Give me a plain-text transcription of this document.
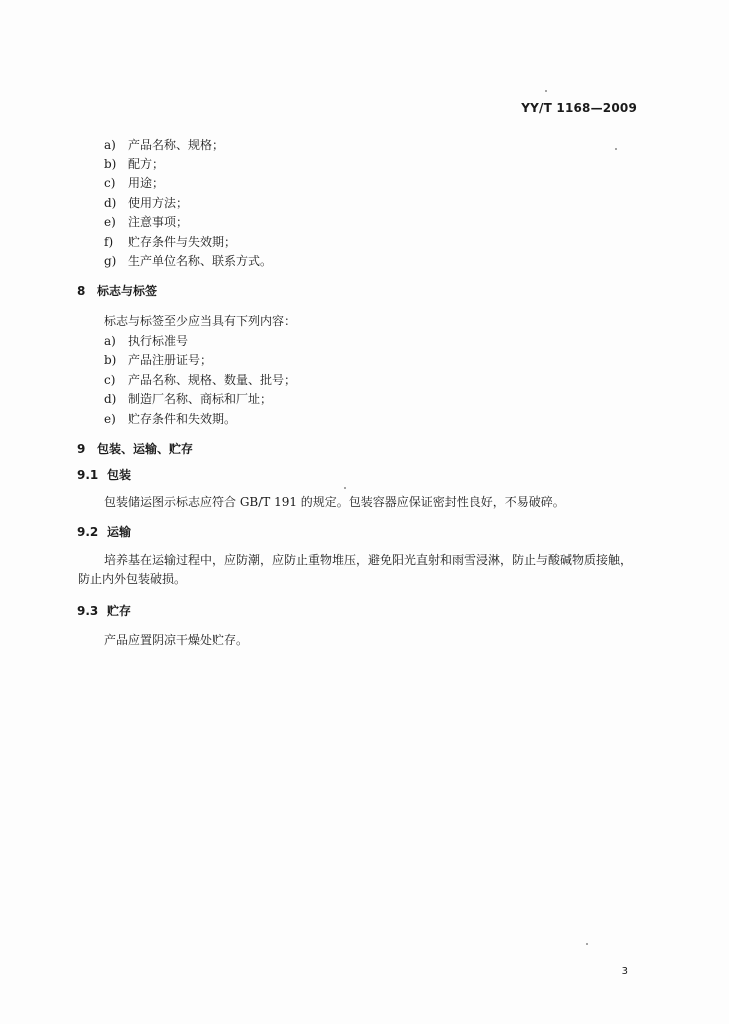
YY/T 1168—2009
a) 产品名称、规格；
b) 配方；
c) 用途；
d) 使用方法；
e) 注意事项；
f) 贮存条件与失效期；
g) 生产单位名称、联系方式。
8 标志与标签
标志与标签至少应当具有下列内容：
a) 执行标准号
b) 产品注册证号；
c) 产品名称、规格、数量、批号；
d) 制造厂名称、商标和厂址；
e) 贮存条件和失效期。
9 包装、运输、贮存
9.1 包装
包装储运图示标志应符合 GB/T 191 的规定。包装容器应保证密封性良好，不易破碎。
9.2 运输
培养基在运输过程中，应防潮，应防止重物堆压，避免阳光直射和雨雪浸淋，防止与酸碱物质接触，防止内外包装破损。
9.3 贮存
产品应置阴凉干燥处贮存。
3
